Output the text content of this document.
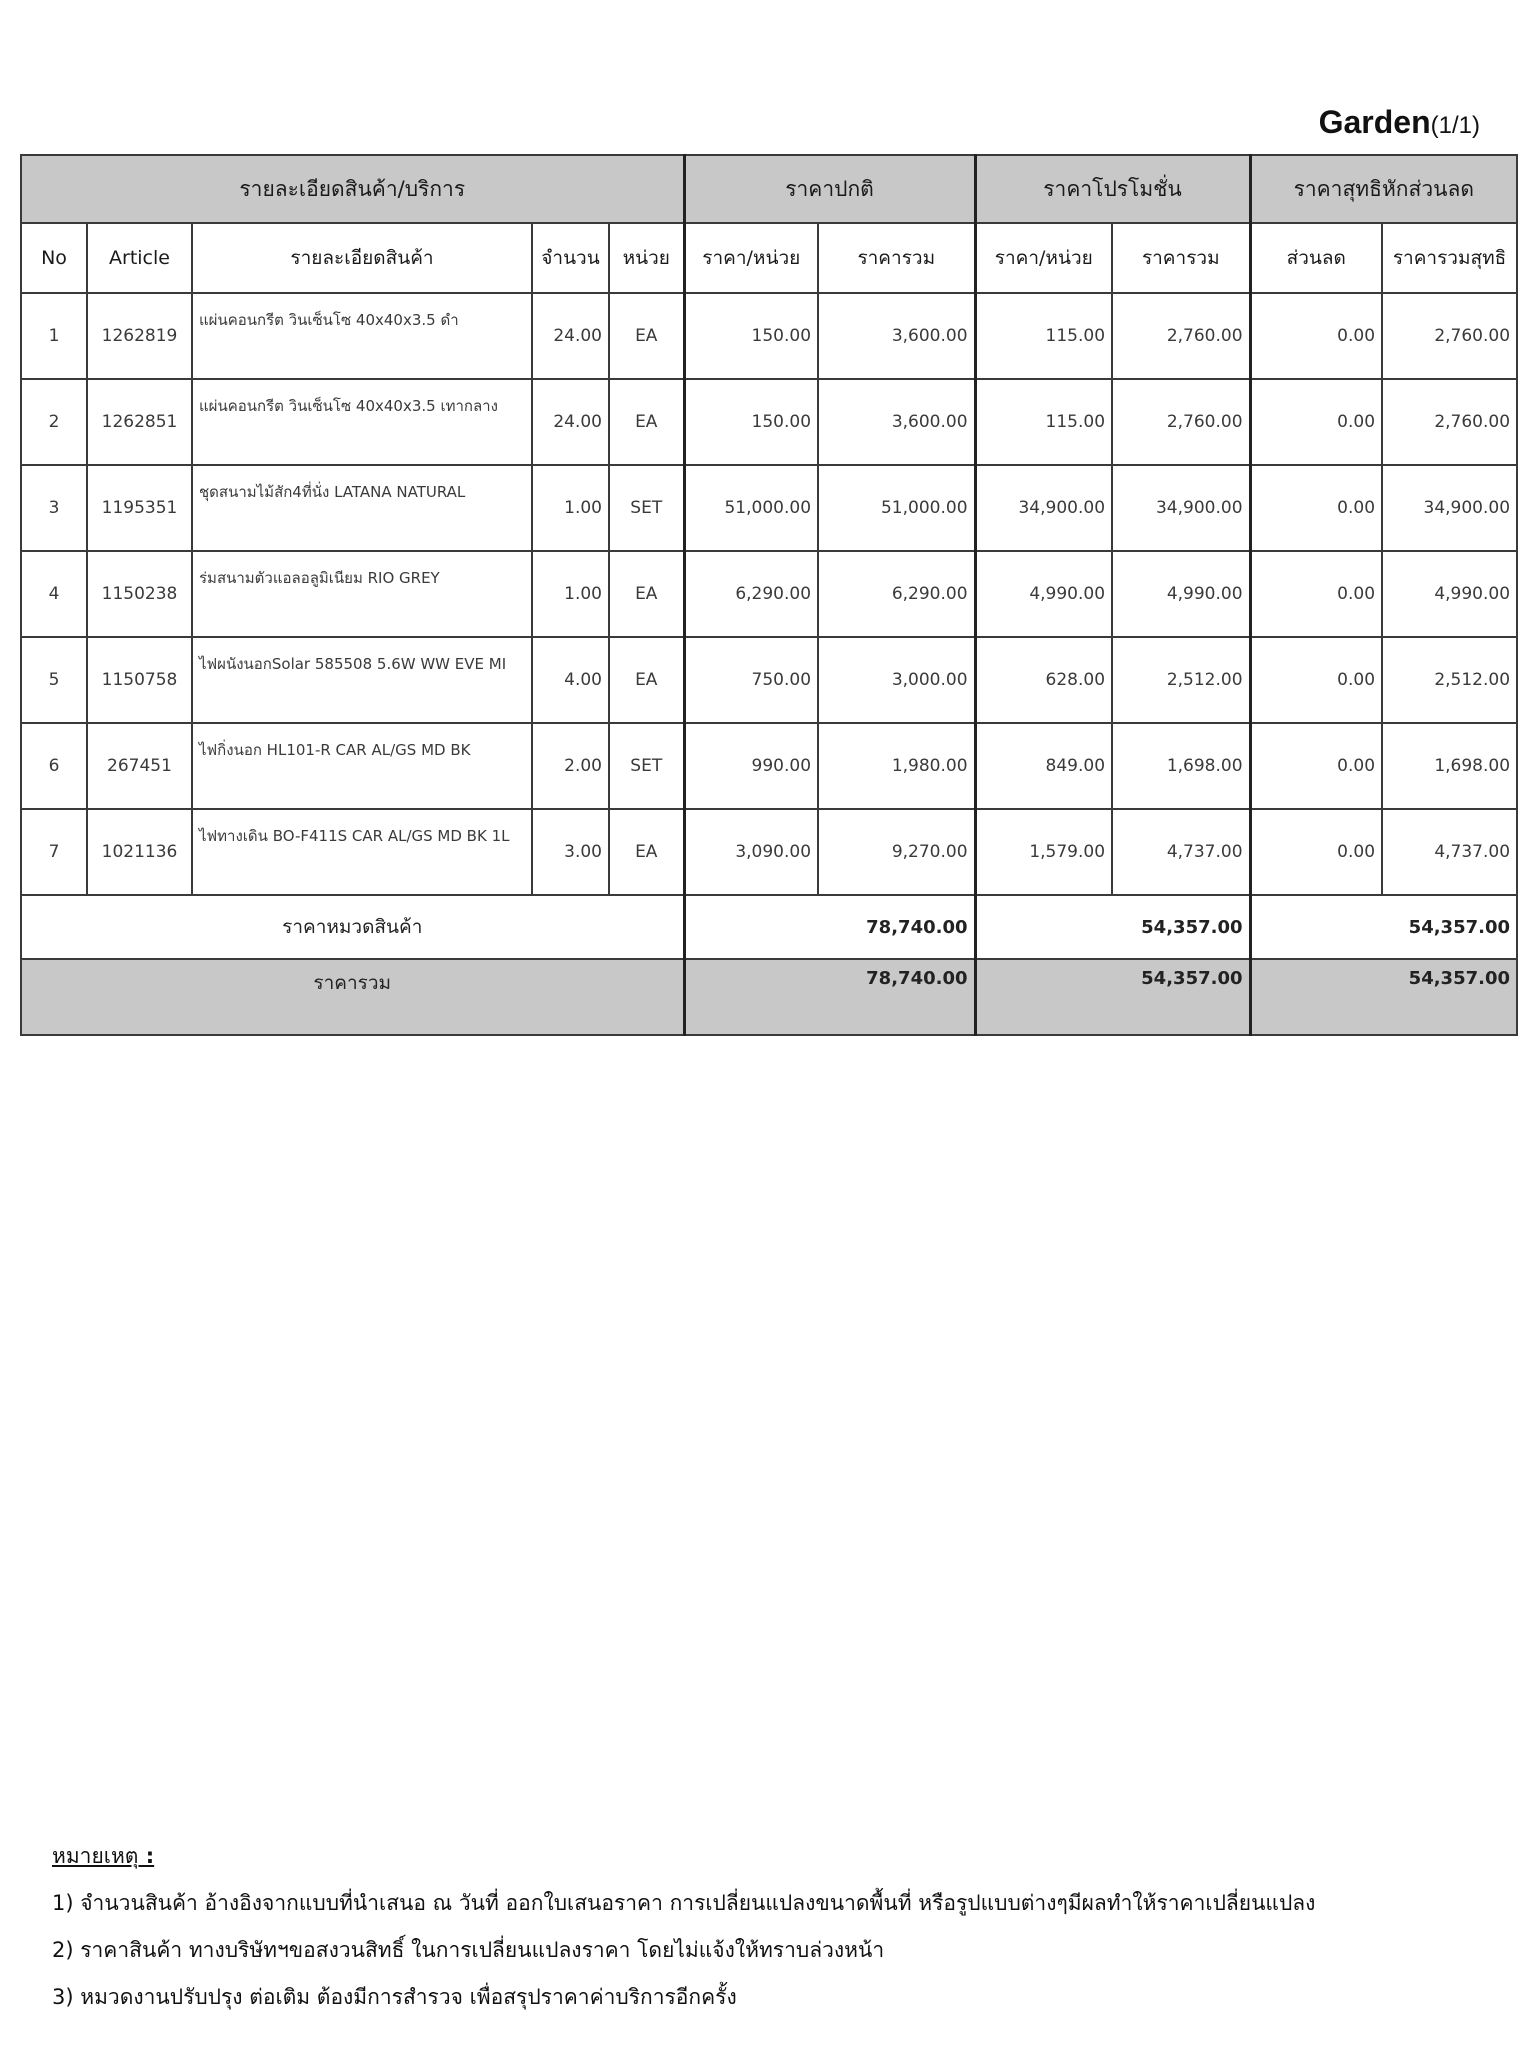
Garden(1/1)
รายละเอียดสินค้า/บริการ					ราคาปกติ		ราคาโปรโมชั่น		ราคาสุทธิหักส่วนลด	
No	Article	รายละเอียดสินค้า	จำนวน	หน่วย	ราคา/หน่วย	ราคารวม	ราคา/หน่วย	ราคารวม	ส่วนลด	ราคารวมสุทธิ
1	1262819	แผ่นคอนกรีต วินเซ็นโซ 40x40x3.5 ดำ	24.00	EA	150.00	3,600.00	115.00	2,760.00	0.00	2,760.00
2	1262851	แผ่นคอนกรีต วินเซ็นโซ 40x40x3.5 เทากลาง	24.00	EA	150.00	3,600.00	115.00	2,760.00	0.00	2,760.00
3	1195351	ชุดสนามไม้สัก4ที่นั่ง LATANA NATURAL	1.00	SET	51,000.00	51,000.00	34,900.00	34,900.00	0.00	34,900.00
4	1150238	ร่มสนามตัวแอลอลูมิเนียม RIO GREY	1.00	EA	6,290.00	6,290.00	4,990.00	4,990.00	0.00	4,990.00
5	1150758	ไฟผนังนอกSolar 585508 5.6W WW EVE MI	4.00	EA	750.00	3,000.00	628.00	2,512.00	0.00	2,512.00
6	267451	ไฟกิ่งนอก HL101-R CAR AL/GS MD BK	2.00	SET	990.00	1,980.00	849.00	1,698.00	0.00	1,698.00
7	1021136	ไฟทางเดิน BO-F411S CAR AL/GS MD BK 1L	3.00	EA	3,090.00	9,270.00	1,579.00	4,737.00	0.00	4,737.00
ราคาหมวดสินค้า					78,740.00		54,357.00		54,357.00	
ราคารวม					78,740.00		54,357.00		54,357.00	
หมายเหตุ :
1) จำนวนสินค้า อ้างอิงจากแบบที่นำเสนอ ณ วันที่ ออกใบเสนอราคา การเปลี่ยนแปลงขนาดพื้นที่ หรือรูปแบบต่างๆมีผลทำให้ราคาเปลี่ยนแปลง
2) ราคาสินค้า ทางบริษัทฯขอสงวนสิทธิ์ ในการเปลี่ยนแปลงราคา โดยไม่แจ้งให้ทราบล่วงหน้า
3) หมวดงานปรับปรุง ต่อเติม ต้องมีการสำรวจ เพื่อสรุปราคาค่าบริการอีกครั้ง
